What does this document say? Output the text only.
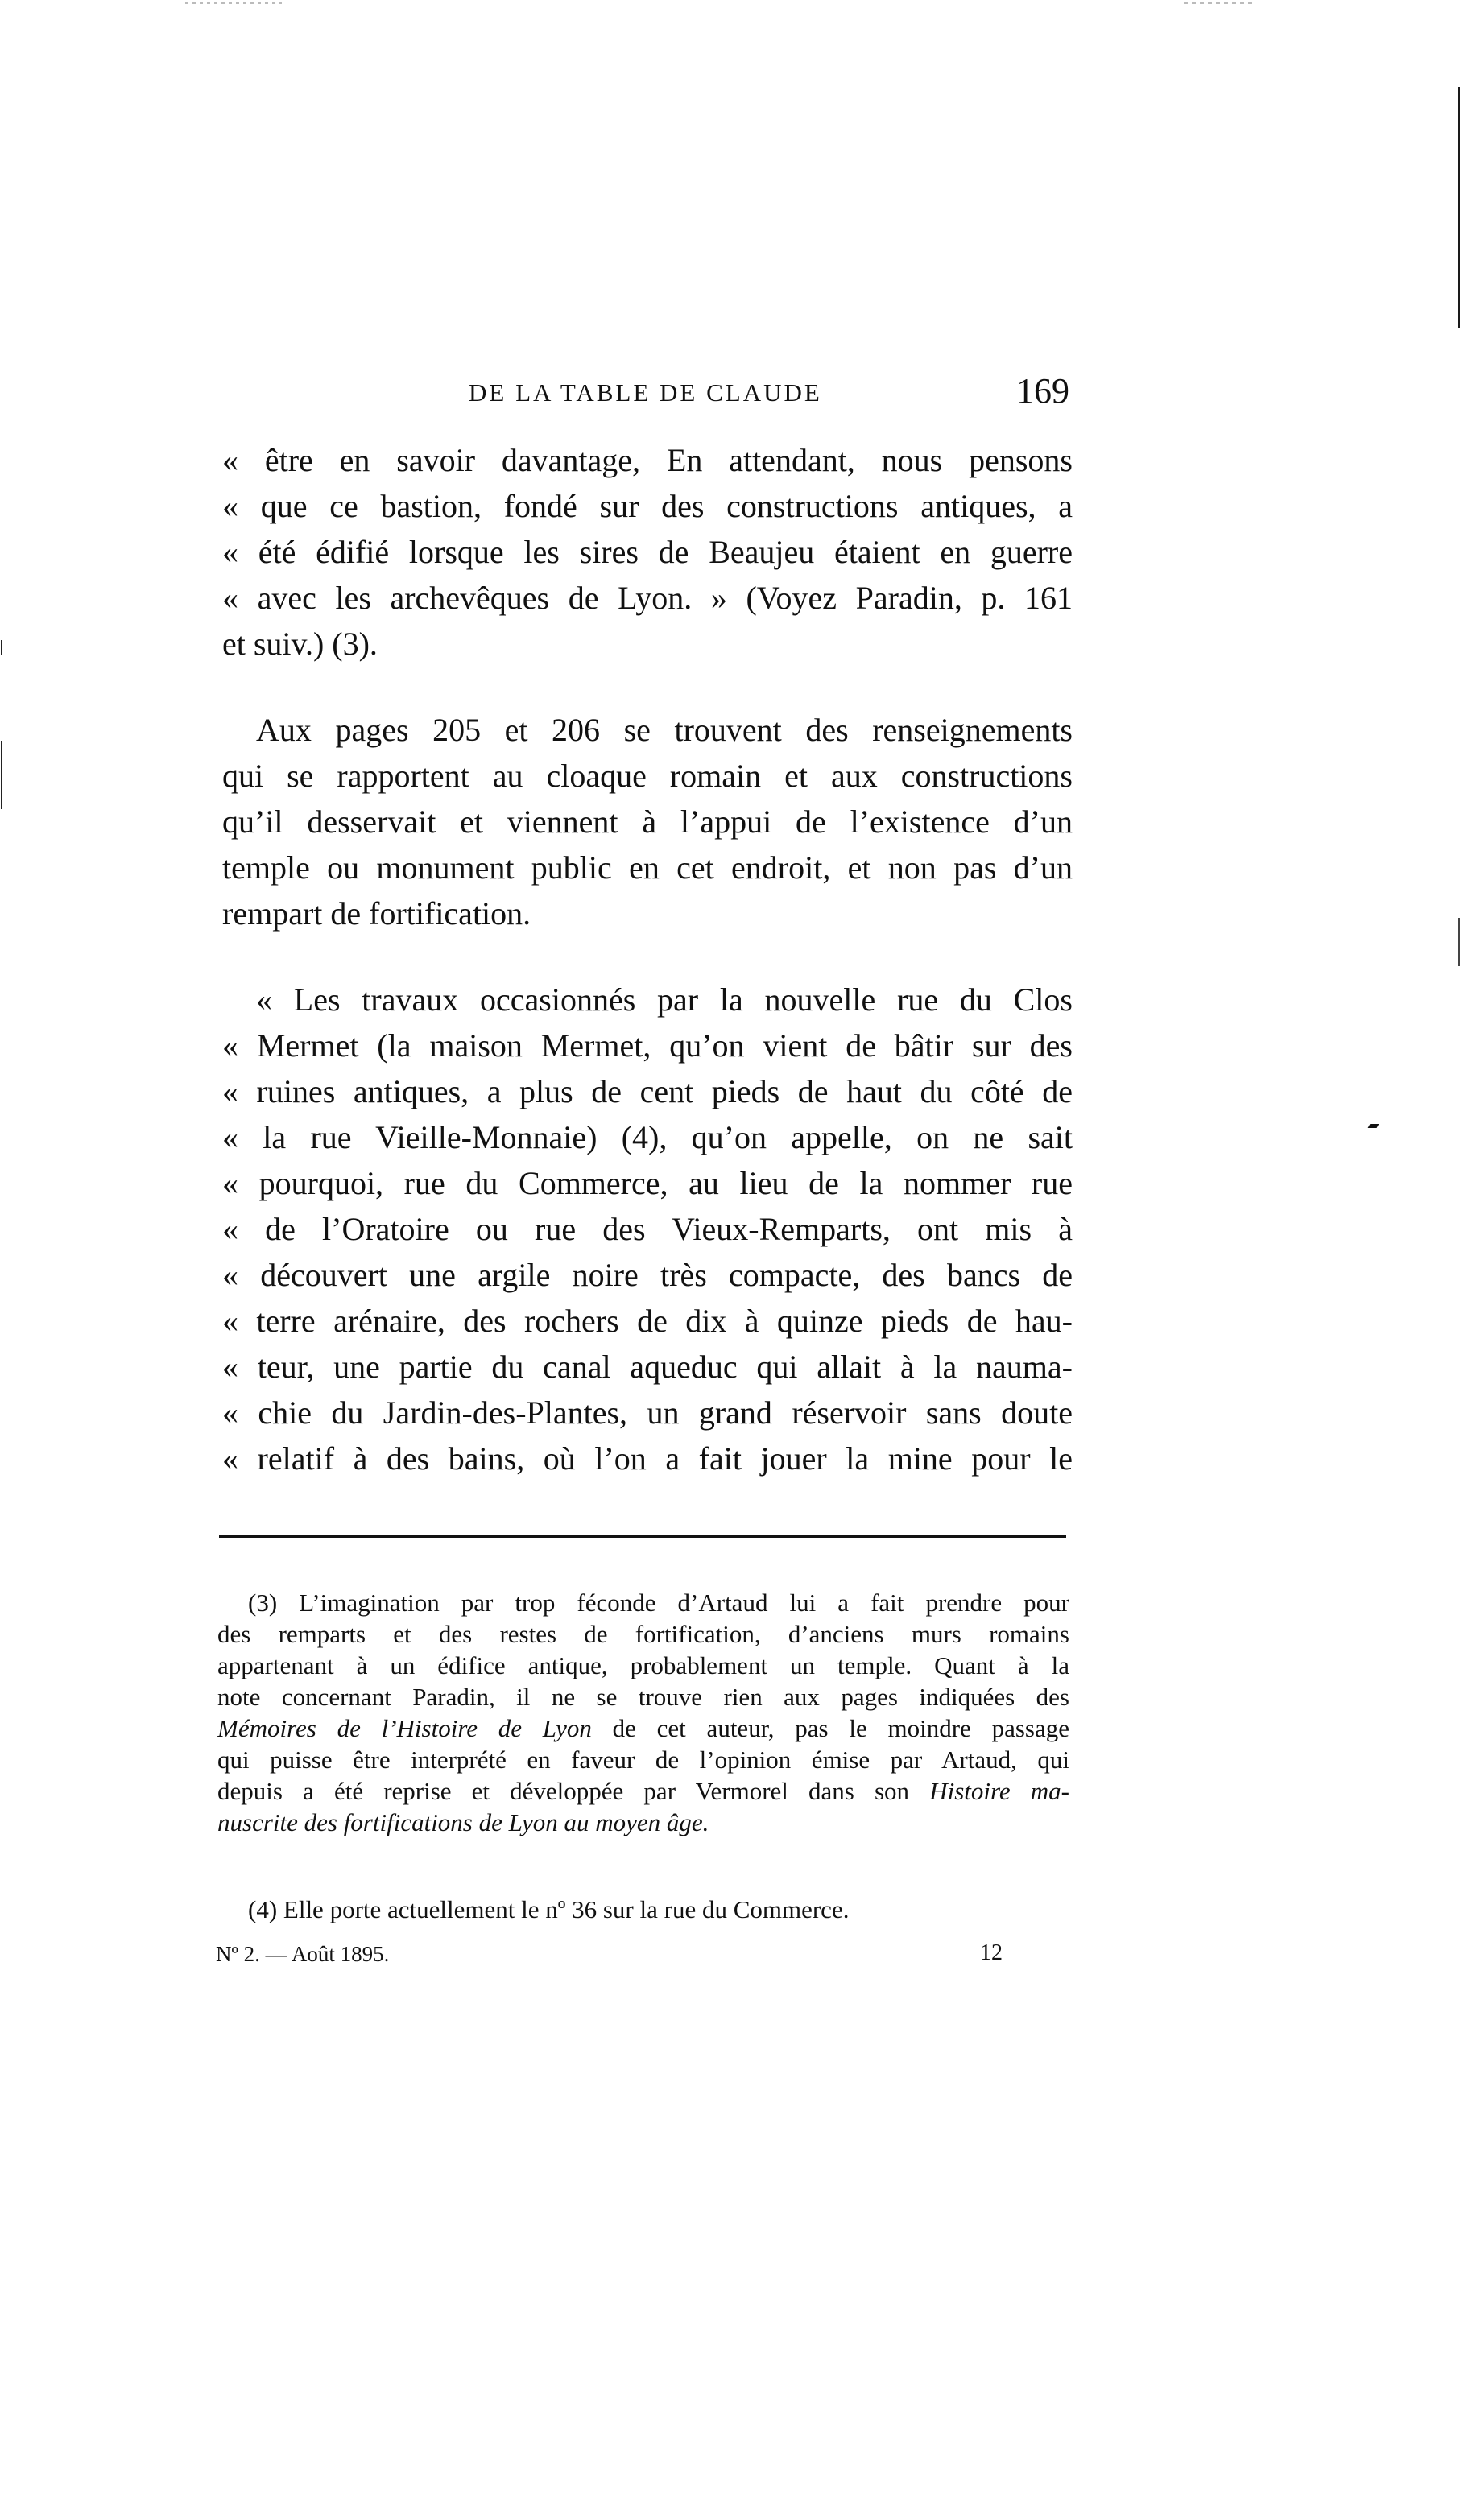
DE LA TABLE DE CLAUDE	169
« être en savoir davantage, En attendant, nous pensons
« que ce bastion, fondé sur des constructions antiques, a
« été édifié lorsque les sires de Beaujeu étaient en guerre
« avec les archevêques de Lyon. » (Voyez Paradin, p. 161
et suiv.) (3).
Aux pages 205 et 206 se trouvent des renseignements
qui se rapportent au cloaque romain et aux constructions
qu’il desservait et viennent à l’appui de l’existence d’un
temple ou monument public en cet endroit, et non pas d’un
rempart de fortification.
« Les travaux occasionnés par la nouvelle rue du Clos
« Mermet (la maison Mermet, qu’on vient de bâtir sur des
« ruines antiques, a plus de cent pieds de haut du côté de
« la rue Vieille-Monnaie) (4), qu’on appelle, on ne sait
« pourquoi, rue du Commerce, au lieu de la nommer rue
« de l’Oratoire ou rue des Vieux-Remparts, ont mis à
« découvert une argile noire très compacte, des bancs de
« terre arénaire, des rochers de dix à quinze pieds de hau-
« teur, une partie du canal aqueduc qui allait à la nauma-
« chie du Jardin-des-Plantes, un grand réservoir sans doute
« relatif à des bains, où l’on a fait jouer la mine pour le
(3) L’imagination par trop féconde d’Artaud lui a fait prendre pour
des remparts et des restes de fortification, d’anciens murs romains
appartenant à un édifice antique, probablement un temple. Quant à la
note concernant Paradin, il ne se trouve rien aux pages indiquées des
Mémoires de l’Histoire de Lyon de cet auteur, pas le moindre passage
qui puisse être interprété en faveur de l’opinion émise par Artaud, qui
depuis a été reprise et développée par Vermorel dans son Histoire ma-
nuscrite des fortifications de Lyon au moyen âge.
(4) Elle porte actuellement le nº 36 sur la rue du Commerce.
Nº 2. — Août 1895.	12
